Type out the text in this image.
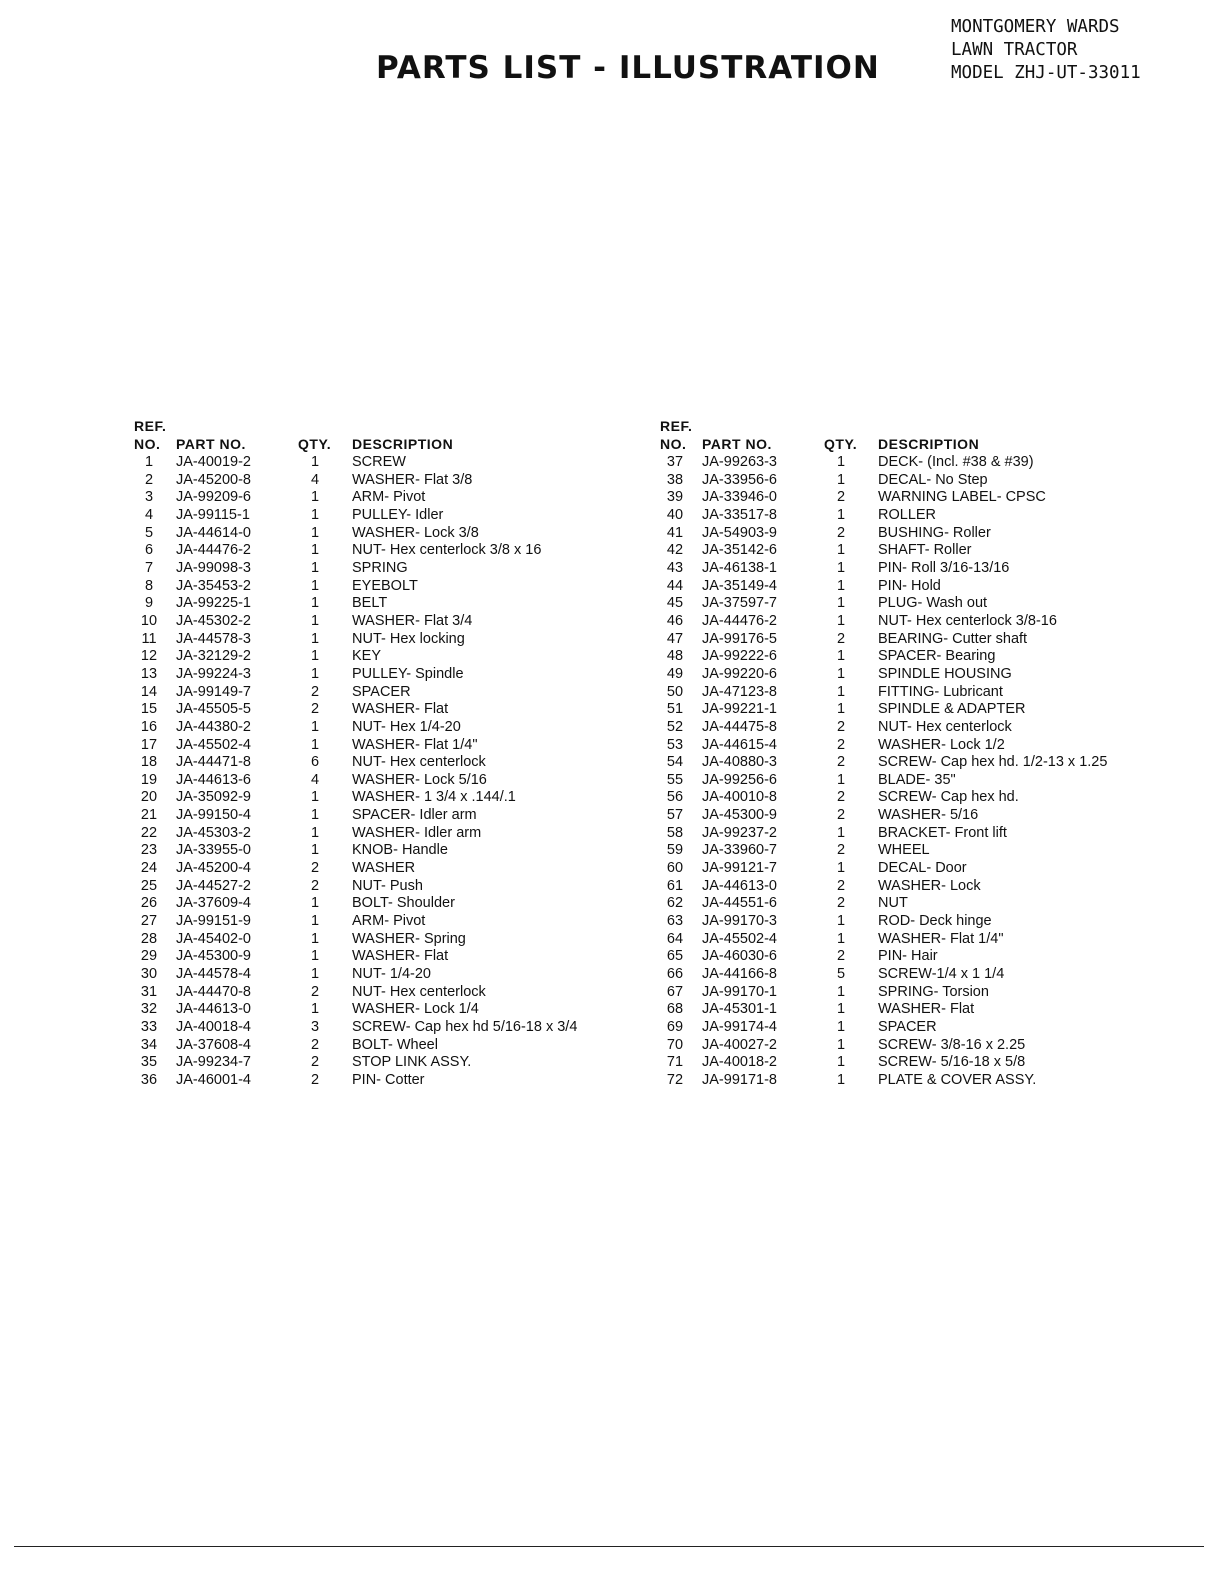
PARTS LIST - ILLUSTRATION
MONTGOMERY WARDS
LAWN TRACTOR
MODEL ZHJ-UT-33011
REF.
NO. PART NO.	QTY. DESCRIPTION
1	JA-40019-2	1	SCREW
2	JA-45200-8	4	WASHER- Flat 3/8
3	JA-99209-6	1	ARM- Pivot
4	JA-99115-1	1	PULLEY- Idler
5	JA-44614-0	1	WASHER- Lock 3/8
6	JA-44476-2	1	NUT- Hex centerlock 3/8 x 16
7	JA-99098-3	1	SPRING
8	JA-35453-2	1	EYEBOLT
9	JA-99225-1	1	BELT
10	JA-45302-2	1	WASHER- Flat 3/4
11	JA-44578-3	1	NUT- Hex locking
12	JA-32129-2	1	KEY
13	JA-99224-3	1	PULLEY- Spindle
14	JA-99149-7	2	SPACER
15	JA-45505-5	2	WASHER- Flat
16	JA-44380-2	1	NUT- Hex 1/4-20
17	JA-45502-4	1	WASHER- Flat 1/4"
18	JA-44471-8	6	NUT- Hex centerlock
19	JA-44613-6	4	WASHER- Lock 5/16
20	JA-35092-9	1	WASHER- 1 3/4 x .144/.1
21	JA-99150-4	1	SPACER- Idler arm
22	JA-45303-2	1	WASHER- Idler arm
23	JA-33955-0	1	KNOB- Handle
24	JA-45200-4	2	WASHER
25	JA-44527-2	2	NUT- Push
26	JA-37609-4	1	BOLT- Shoulder
27	JA-99151-9	1	ARM- Pivot
28	JA-45402-0	1	WASHER- Spring
29	JA-45300-9	1	WASHER- Flat
30	JA-44578-4	1	NUT- 1/4-20
31	JA-44470-8	2	NUT- Hex centerlock
32	JA-44613-0	1	WASHER- Lock 1/4
33	JA-40018-4	3	SCREW- Cap hex hd 5/16-18 x 3/4
34	JA-37608-4	2	BOLT- Wheel
35	JA-99234-7	2	STOP LINK ASSY.
36	JA-46001-4	2	PIN- Cotter
REF.
NO. PART NO.	QTY. DESCRIPTION
37	JA-99263-3	1	DECK- (Incl. #38 & #39)
38	JA-33956-6	1	DECAL- No Step
39	JA-33946-0	2	WARNING LABEL- CPSC
40	JA-33517-8	1	ROLLER
41	JA-54903-9	2	BUSHING- Roller
42	JA-35142-6	1	SHAFT- Roller
43	JA-46138-1	1	PIN- Roll 3/16-13/16
44	JA-35149-4	1	PIN- Hold
45	JA-37597-7	1	PLUG- Wash out
46	JA-44476-2	1	NUT- Hex centerlock 3/8-16
47	JA-99176-5	2	BEARING- Cutter shaft
48	JA-99222-6	1	SPACER- Bearing
49	JA-99220-6	1	SPINDLE HOUSING
50	JA-47123-8	1	FITTING- Lubricant
51	JA-99221-1	1	SPINDLE & ADAPTER
52	JA-44475-8	2	NUT- Hex centerlock
53	JA-44615-4	2	WASHER- Lock 1/2
54	JA-40880-3	2	SCREW- Cap hex hd. 1/2-13 x 1.25
55	JA-99256-6	1	BLADE- 35"
56	JA-40010-8	2	SCREW- Cap hex hd.
57	JA-45300-9	2	WASHER- 5/16
58	JA-99237-2	1	BRACKET- Front lift
59	JA-33960-7	2	WHEEL
60	JA-99121-7	1	DECAL- Door
61	JA-44613-0	2	WASHER- Lock
62	JA-44551-6	2	NUT
63	JA-99170-3	1	ROD- Deck hinge
64	JA-45502-4	1	WASHER- Flat 1/4"
65	JA-46030-6	2	PIN- Hair
66	JA-44166-8	5	SCREW-1/4 x 1 1/4
67	JA-99170-1	1	SPRING- Torsion
68	JA-45301-1	1	WASHER- Flat
69	JA-99174-4	1	SPACER
70	JA-40027-2	1	SCREW- 3/8-16 x 2.25
71	JA-40018-2	1	SCREW- 5/16-18 x 5/8
72	JA-99171-8	1	PLATE & COVER ASSY.
